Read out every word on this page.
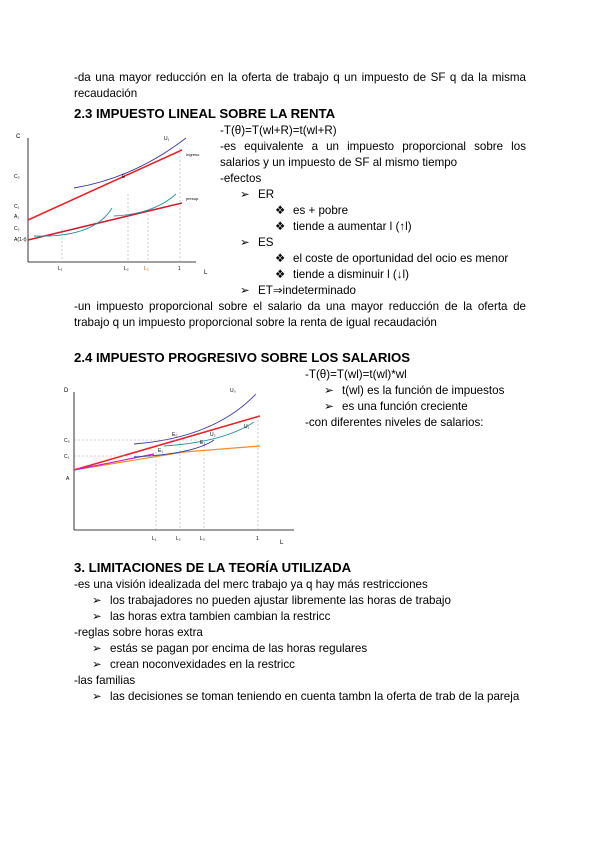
-da una mayor reducción en la oferta de trabajo q un impuesto de SF q da la misma recaudación
2.3 IMPUESTO LINEAL SOBRE LA RENTA
C
L
C₀
C₁
A₁
C₂
A(1-t)
U₁
Ingreso
presup.
E
L₁	L₂	L₃	1
-T(θ)=T(wl+R)=t(wl+R)
-es equivalente a un impuesto proporcional sobre los salarios y un impuesto de SF al mismo tiempo
-efectos
➢ ER
❖ es + pobre
❖ tiende a aumentar l (↑l)
➢ ES
❖ el coste de oportunidad del ocio es menor
❖ tiende a disminuir l (↓l)
➢ ET⇒indeterminado
-un impuesto proporcional sobre el salario da una mayor reducción de la oferta de trabajo q un impuesto proporcional sobre la renta de igual recaudación
2.4 IMPUESTO PROGRESIVO SOBRE LOS SALARIOS
D
L
C₀
C₁
A
U₀
U₁
U₂
E₀
E₁
E₂
L₁	L₂	L₃	1
-T(θ)=T(wl)=t(wl)*wl
➢ t(wl) es la función de impuestos
➢ es una función creciente
-con diferentes niveles de salarios:
3. LIMITACIONES DE LA TEORÍA UTILIZADA
-es una visión idealizada del merc trabajo ya q hay más restricciones
➢ los trabajadores no pueden ajustar libremente las horas de trabajo
➢ las horas extra tambien cambian la restricc
-reglas sobre horas extra
➢ estás se pagan por encima de las horas regulares
➢ crean noconvexidades en la restricc
-las familias
➢ las decisiones se toman teniendo en cuenta tambn la oferta de trab de la pareja
